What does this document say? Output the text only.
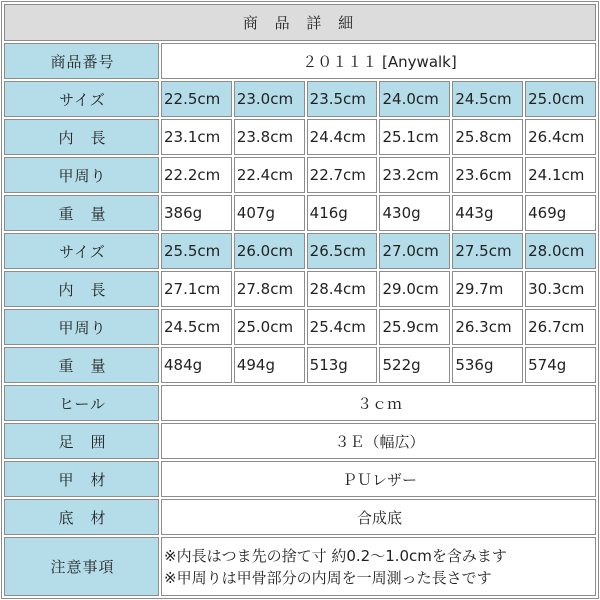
商 品 詳 細						
商品番号	２０１１１ [Anywalk]					
サイズ	22.5cm	23.0cm	23.5cm	24.0cm	24.5cm	25.0cm
内　長	23.1cm	23.8cm	24.4cm	25.1cm	25.8cm	26.4cm
甲周り	22.2cm	22.4cm	22.7cm	23.2cm	23.6cm	24.1cm
重　量	386g	407g	416g	430g	443g	469g
サイズ	25.5cm	26.0cm	26.5cm	27.0cm	27.5cm	28.0cm
内　長	27.1cm	27.8cm	28.4cm	29.0cm	29.7m	30.3cm
甲周り	24.5cm	25.0cm	25.4cm	25.9cm	26.3cm	26.7cm
重　量	484g	494g	513g	522g	536g	574g
ヒール	３ｃｍ					
足　囲	３Ｅ（幅広）					
甲　材	ＰＵレザー					
底　材	合成底					
注意事項	※内長はつま先の捨て寸 約0.2～1.0cmを含みます
※甲周りは甲骨部分の内周を一周測った長さです					
